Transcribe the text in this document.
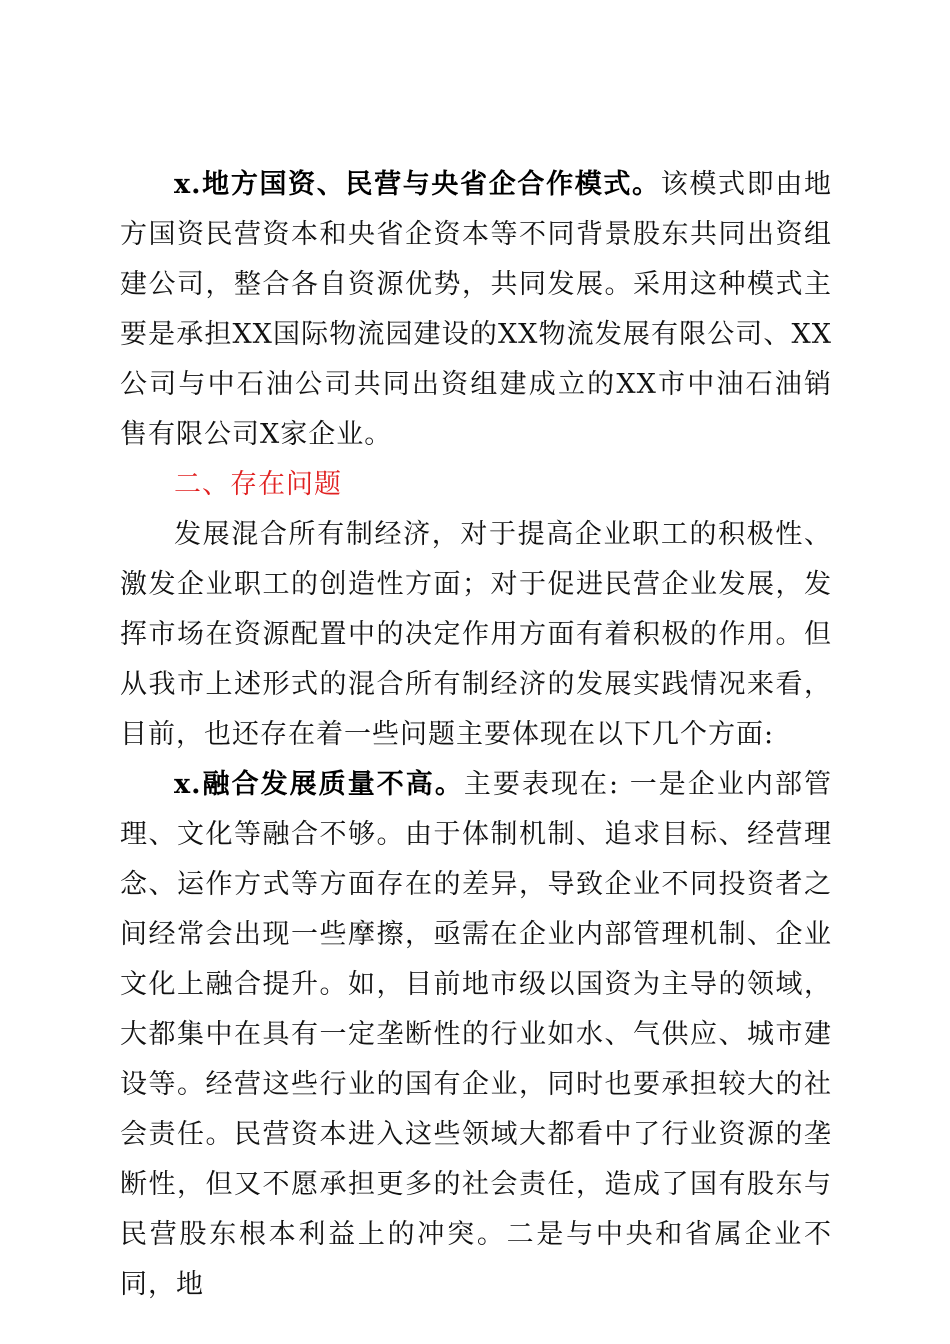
x.地方国资、民营与央省企合作模式。该模式即由地方国资民营资本和央省企资本等不同背景股东共同出资组建公司，整合各自资源优势，共同发展。采用这种模式主要是承担XX国际物流园建设的XX物流发展有限公司、XX公司与中石油公司共同出资组建成立的XX市中油石油销售有限公司X家企业。

二、存在问题

发展混合所有制经济，对于提高企业职工的积极性、激发企业职工的创造性方面；对于促进民营企业发展，发挥市场在资源配置中的决定作用方面有着积极的作用。但从我市上述形式的混合所有制经济的发展实践情况来看，目前，也还存在着一些问题主要体现在以下几个方面:

x.融合发展质量不高。主要表现在: 一是企业内部管理、文化等融合不够。由于体制机制、追求目标、经营理念、运作方式等方面存在的差异，导致企业不同投资者之间经常会出现一些摩擦，亟需在企业内部管理机制、企业文化上融合提升。如，目前地市级以国资为主导的领域，大都集中在具有一定垄断性的行业如水、气供应、城市建设等。经营这些行业的国有企业，同时也要承担较大的社会责任。民营资本进入这些领域大都看中了行业资源的垄断性，但又不愿承担更多的社会责任，造成了国有股东与民营股东根本利益上的冲突。二是与中央和省属企业不同，地
